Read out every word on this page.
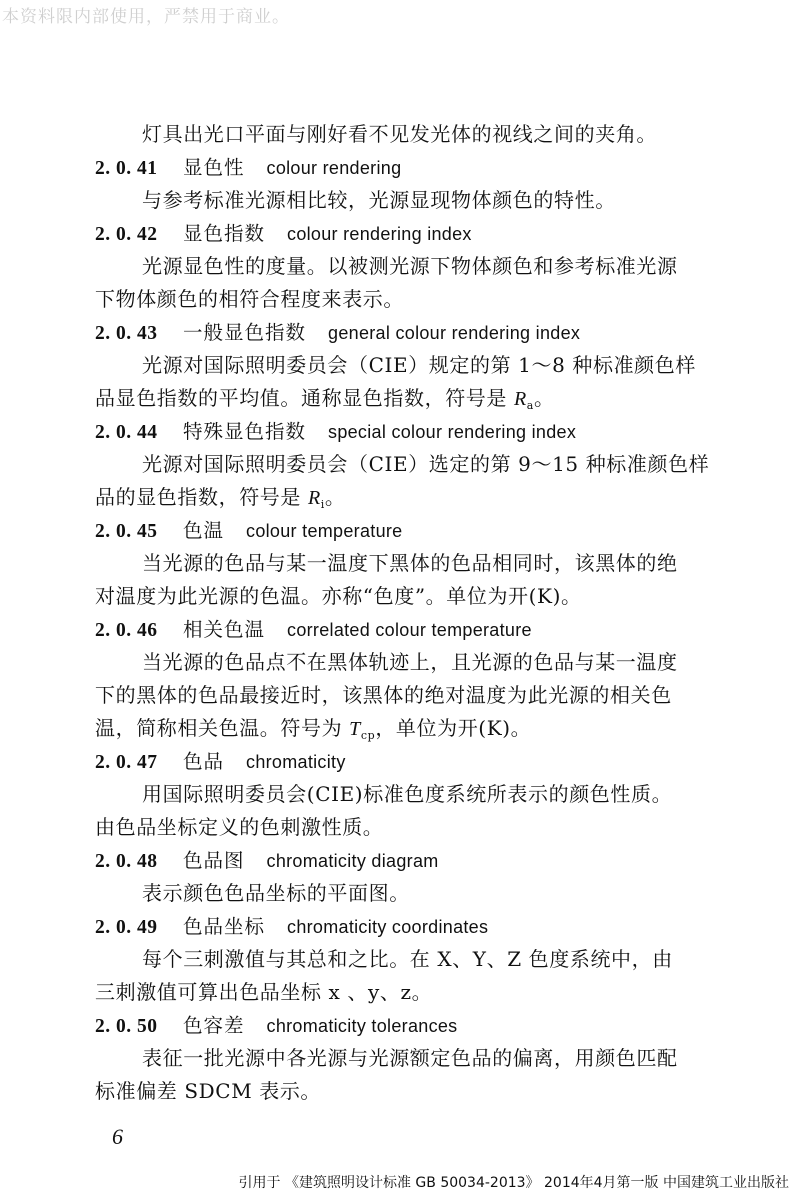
本资料限内部使用，严禁用于商业。
灯具出光口平面与刚好看不见发光体的视线之间的夹角。
2. 0. 41 显色性 colour rendering
与参考标准光源相比较，光源显现物体颜色的特性。
2. 0. 42 显色指数 colour rendering index
光源显色性的度量。以被测光源下物体颜色和参考标准光源
下物体颜色的相符合程度来表示。
2. 0. 43 一般显色指数 general colour rendering index
光源对国际照明委员会（CIE）规定的第 1～8 种标准颜色样
品显色指数的平均值。通称显色指数，符号是 $R_a$。
2. 0. 44 特殊显色指数 special colour rendering index
光源对国际照明委员会（CIE）选定的第 9～15 种标准颜色样
品的显色指数，符号是 $R_i$。
2. 0. 45 色温 colour temperature
当光源的色品与某一温度下黑体的色品相同时，该黑体的绝
对温度为此光源的色温。亦称“色度”。单位为开(K)。
2. 0. 46 相关色温 correlated colour temperature
当光源的色品点不在黑体轨迹上，且光源的色品与某一温度
下的黑体的色品最接近时，该黑体的绝对温度为此光源的相关色
温，简称相关色温。符号为 $T_{cp}$，单位为开(K)。
2. 0. 47 色品 chromaticity
用国际照明委员会(CIE)标准色度系统所表示的颜色性质。
由色品坐标定义的色刺激性质。
2. 0. 48 色品图 chromaticity diagram
表示颜色色品坐标的平面图。
2. 0. 49 色品坐标 chromaticity coordinates
每个三刺激值与其总和之比。在 X、Y、Z 色度系统中，由
三刺激值可算出色品坐标 x 、y、z。
2. 0. 50 色容差 chromaticity tolerances
表征一批光源中各光源与光源额定色品的偏离，用颜色匹配
标准偏差 SDCM 表示。
6
引用于 《建筑照明设计标准 GB 50034-2013》 2014年4月第一版 中国建筑工业出版社
